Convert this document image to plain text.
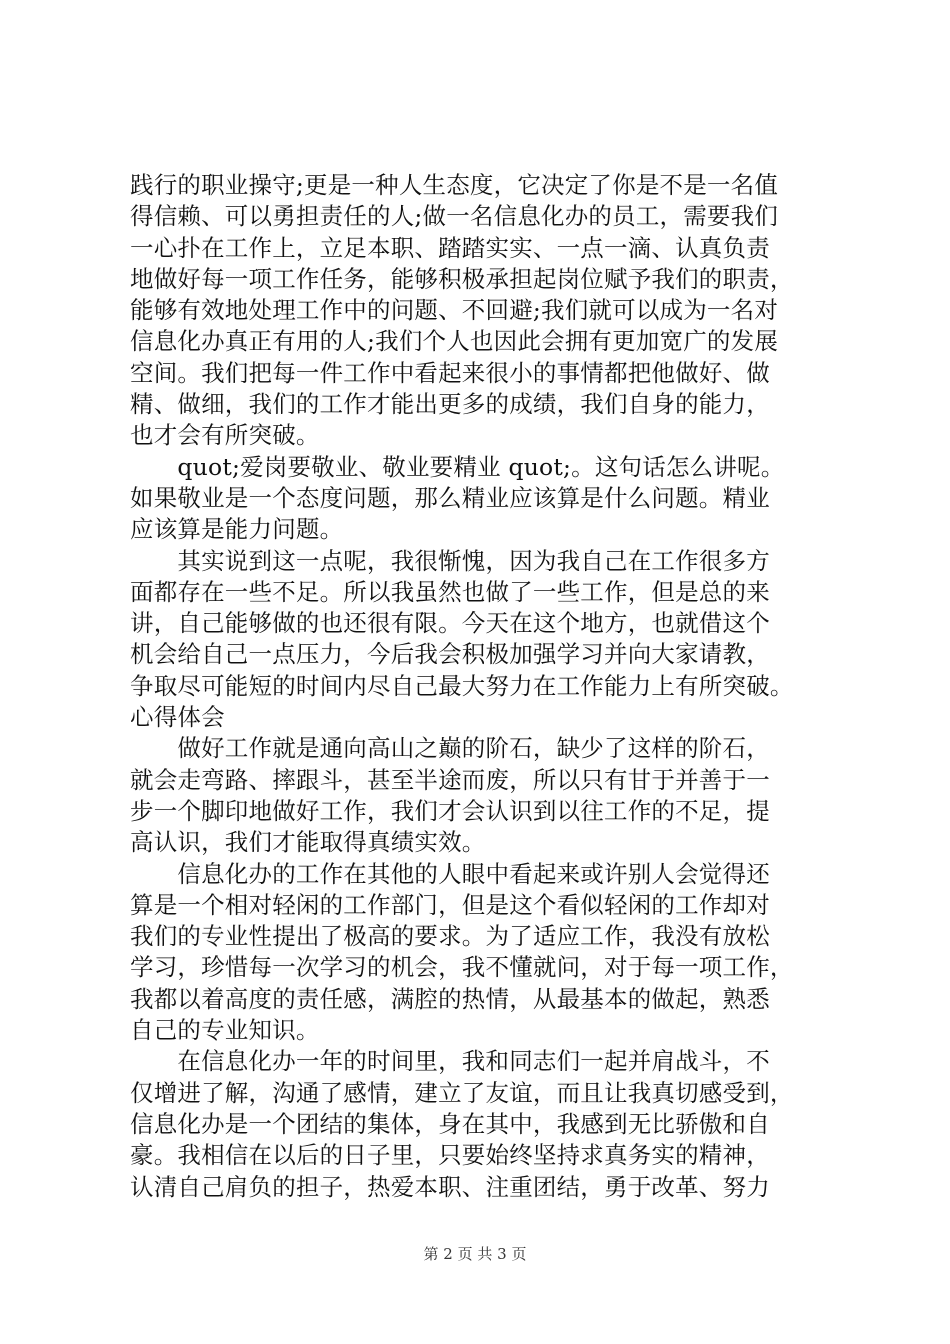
践行的职业操守;更是一种人生态度，它决定了你是不是一名值
得信赖、可以勇担责任的人;做一名信息化办的员工，需要我们
一心扑在工作上，立足本职、踏踏实实、一点一滴、认真负责
地做好每一项工作任务，能够积极承担起岗位赋予我们的职责，
能够有效地处理工作中的问题、不回避;我们就可以成为一名对
信息化办真正有用的人;我们个人也因此会拥有更加宽广的发展
空间。我们把每一件工作中看起来很小的事情都把他做好、做
精、做细，我们的工作才能出更多的成绩，我们自身的能力，
也才会有所突破。
　　quot;爱岗要敬业、敬业要精业 quot;。这句话怎么讲呢。
如果敬业是一个态度问题，那么精业应该算是什么问题。精业
应该算是能力问题。
　　其实说到这一点呢，我很惭愧，因为我自己在工作很多方
面都存在一些不足。所以我虽然也做了一些工作，但是总的来
讲，自己能够做的也还很有限。今天在这个地方，也就借这个
机会给自己一点压力，今后我会积极加强学习并向大家请教，
争取尽可能短的时间内尽自己最大努力在工作能力上有所突破。
心得体会
　　做好工作就是通向高山之巅的阶石，缺少了这样的阶石，
就会走弯路、摔跟斗，甚至半途而废，所以只有甘于并善于一
步一个脚印地做好工作，我们才会认识到以往工作的不足，提
高认识，我们才能取得真绩实效。
　　信息化办的工作在其他的人眼中看起来或许别人会觉得还
算是一个相对轻闲的工作部门，但是这个看似轻闲的工作却对
我们的专业性提出了极高的要求。为了适应工作，我没有放松
学习，珍惜每一次学习的机会，我不懂就问，对于每一项工作，
我都以着高度的责任感，满腔的热情，从最基本的做起，熟悉
自己的专业知识。
　　在信息化办一年的时间里，我和同志们一起并肩战斗，不
仅增进了解，沟通了感情，建立了友谊，而且让我真切感受到，
信息化办是一个团结的集体，身在其中，我感到无比骄傲和自
豪。我相信在以后的日子里，只要始终坚持求真务实的精神，
认清自己肩负的担子，热爱本职、注重团结，勇于改革、努力
第 2 页 共 3 页
